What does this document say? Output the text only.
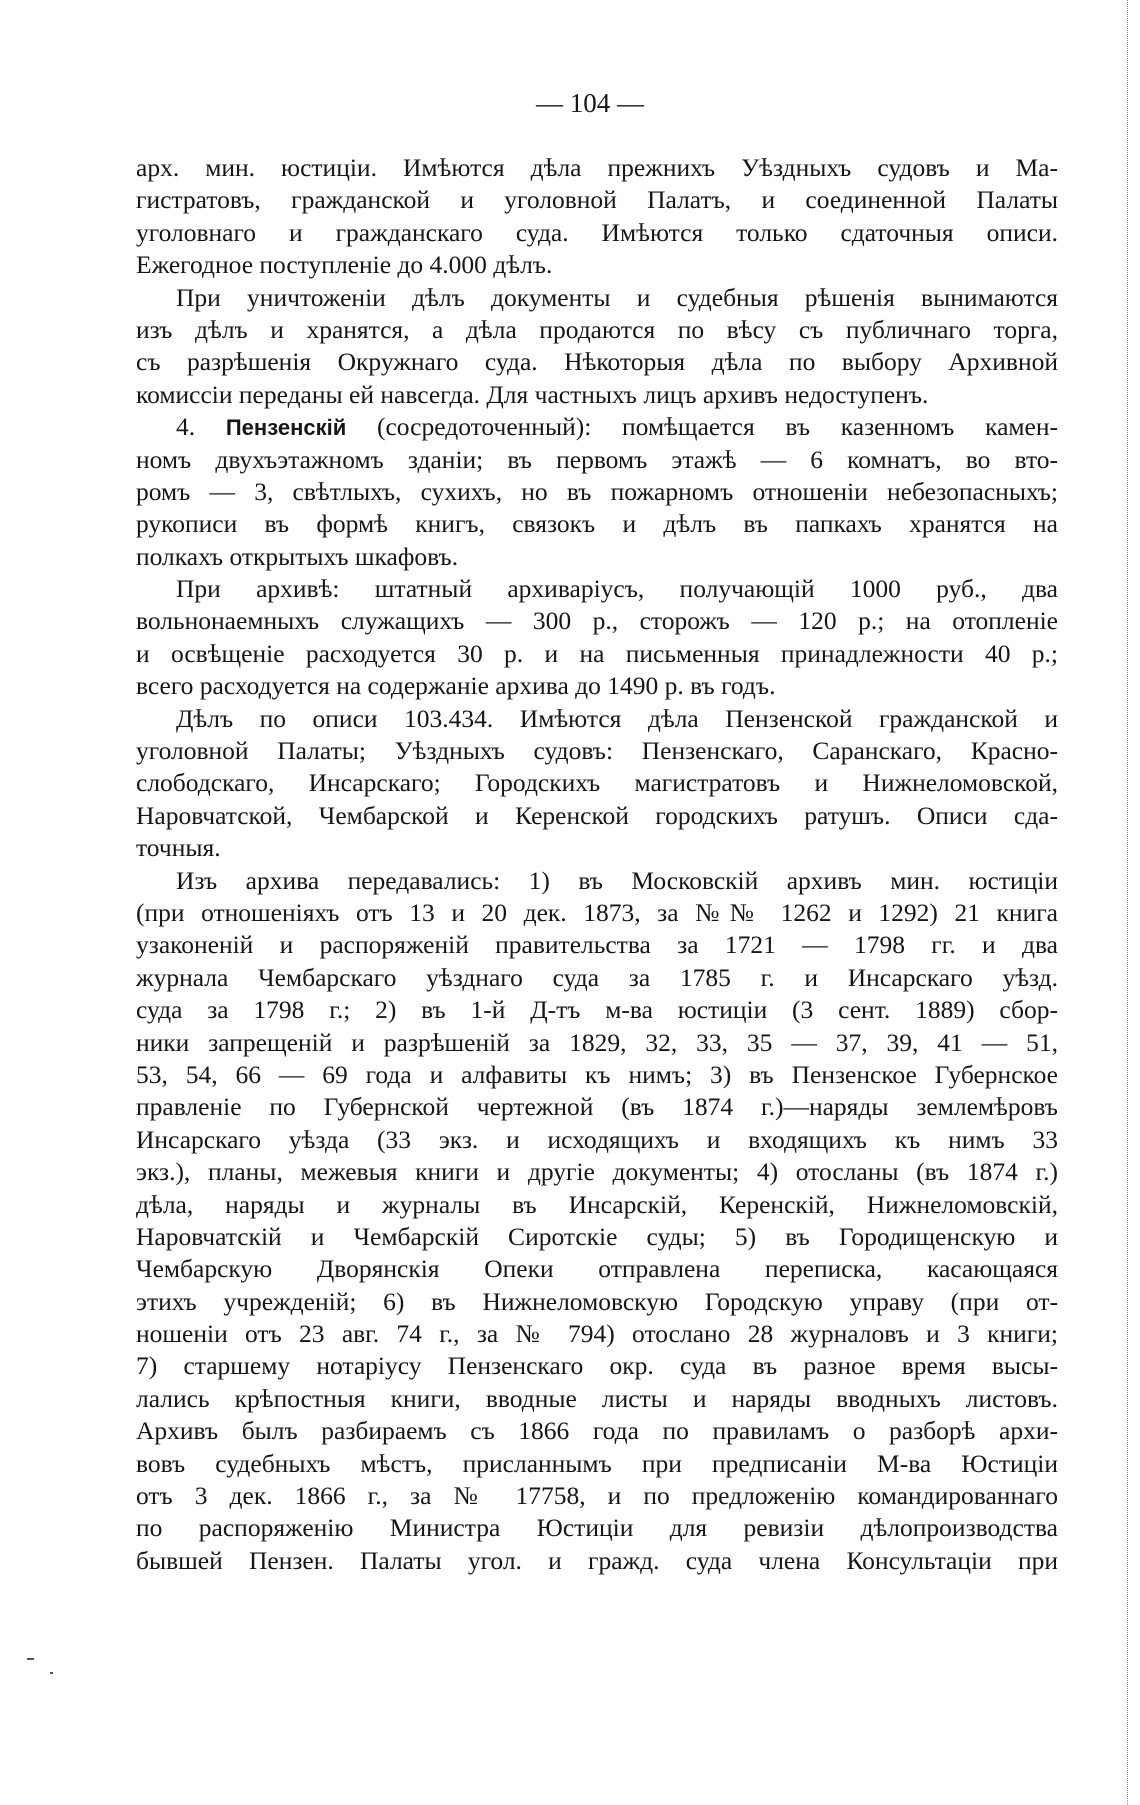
— 104 —
арх. мин. юстиціи. Имѣются дѣла прежнихъ Уѣздныхъ судовъ и Ма-
гистратовъ, гражданской и уголовной Палатъ, и соединенной Палаты
уголовнаго и гражданскаго суда. Имѣются только сдаточныя описи.
Ежегодное поступленіе до 4.000 дѣлъ.
При уничтоженіи дѣлъ документы и судебныя рѣшенія вынимаются
изъ дѣлъ и хранятся, а дѣла продаются по вѣсу съ публичнаго торга,
съ разрѣшенія Окружнаго суда. Нѣкоторыя дѣла по выбору Архивной
комиссіи переданы ей навсегда. Для частныхъ лицъ архивъ недоступенъ.
4. Пензенскій (сосредоточенный): помѣщается въ казенномъ камен-
номъ двухъэтажномъ зданіи; въ первомъ этажѣ — 6 комнатъ, во вто-
ромъ — 3, свѣтлыхъ, сухихъ, но въ пожарномъ отношеніи небезопасныхъ;
рукописи въ формѣ книгъ, связокъ и дѣлъ въ папкахъ хранятся на
полкахъ открытыхъ шкафовъ.
При архивѣ: штатный архиваріусъ, получающій 1000 руб., два
вольнонаемныхъ служащихъ — 300 р., сторожъ — 120 р.; на отопленіе
и освѣщеніе расходуется 30 р. и на письменныя принадлежности 40 р.;
всего расходуется на содержаніе архива до 1490 р. въ годъ.
Дѣлъ по описи 103.434. Имѣются дѣла Пензенской гражданской и
уголовной Палаты; Уѣздныхъ судовъ: Пензенскаго, Саранскаго, Красно-
слободскаго, Инсарскаго; Городскихъ магистратовъ и Нижнеломовской,
Наровчатской, Чембарской и Керенской городскихъ ратушъ. Описи сда-
точныя.
Изъ архива передавались: 1) въ Московскій архивъ мин. юстиціи
(при отношеніяхъ отъ 13 и 20 дек. 1873, за №№ 1262 и 1292) 21 книга
узаконеній и распоряженій правительства за 1721 — 1798 гг. и два
журнала Чембарскаго уѣзднаго суда за 1785 г. и Инсарскаго уѣзд.
суда за 1798 г.; 2) въ 1-й Д-тъ м-ва юстиціи (3 сент. 1889) сбор-
ники запрещеній и разрѣшеній за 1829, 32, 33, 35 — 37, 39, 41 — 51,
53, 54, 66 — 69 года и алфавиты къ нимъ; 3) въ Пензенское Губернское
правленіе по Губернской чертежной (въ 1874 г.)—наряды землемѣровъ
Инсарскаго уѣзда (33 экз. и исходящихъ и входящихъ къ нимъ 33
экз.), планы, межевыя книги и другіе документы; 4) отосланы (въ 1874 г.)
дѣла, наряды и журналы въ Инсарскій, Керенскій, Нижнеломовскій,
Наровчатскій и Чембарскій Сиротскіе суды; 5) въ Городищенскую и
Чембарскую Дворянскія Опеки отправлена переписка, касающаяся
этихъ учрежденій; 6) въ Нижнеломовскую Городскую управу (при от-
ношеніи отъ 23 авг. 74 г., за № 794) отослано 28 журналовъ и 3 книги;
7) старшему нотаріусу Пензенскаго окр. суда въ разное время высы-
лались крѣпостныя книги, вводные листы и наряды вводныхъ листовъ.
Архивъ былъ разбираемъ съ 1866 года по правиламъ о разборѣ архи-
вовъ судебныхъ мѣстъ, присланнымъ при предписаніи М-ва Юстиціи
отъ 3 дек. 1866 г., за № 17758, и по предложенію командированнаго
по распоряженію Министра Юстиціи для ревизіи дѣлопроизводства
бывшей Пензен. Палаты угол. и гражд. суда члена Консультаціи при
